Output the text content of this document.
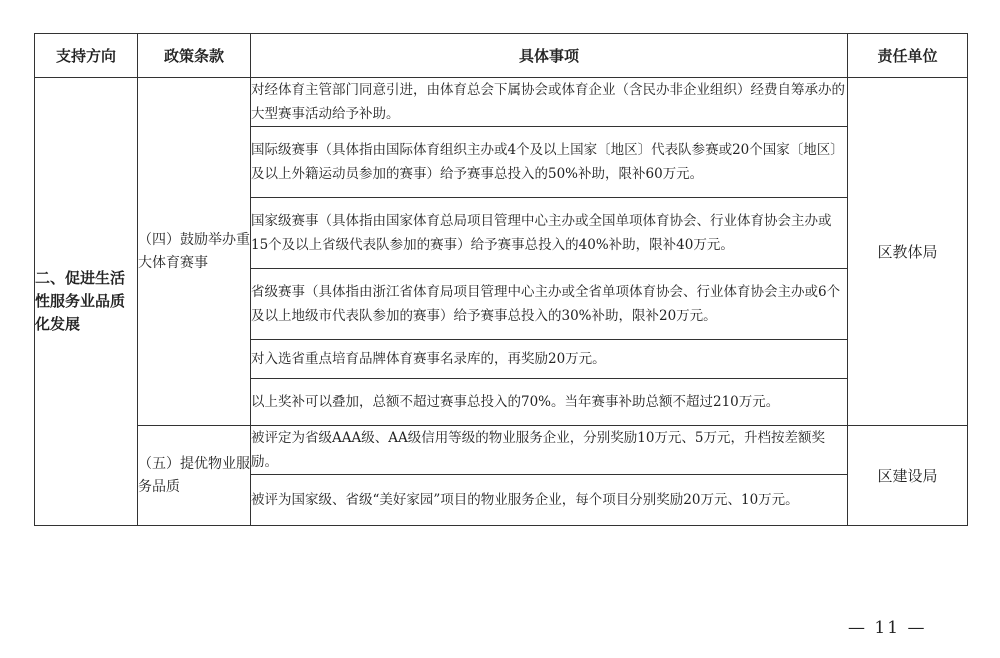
支持方向	政策条款	具体事项	责任单位
二、促进生活性服务业品质化发展	（四）鼓励举办重大体育赛事	对经体育主管部门同意引进，由体育总会下属协会或体育企业（含民办非企业组织）经费自筹承办的大型赛事活动给予补助。	区教体局
		国际级赛事（具体指由国际体育组织主办或4个及以上国家〔地区〕代表队参赛或20个国家〔地区〕及以上外籍运动员参加的赛事）给予赛事总投入的50%补助，限补60万元。	
		国家级赛事（具体指由国家体育总局项目管理中心主办或全国单项体育协会、行业体育协会主办或15个及以上省级代表队参加的赛事）给予赛事总投入的40%补助，限补40万元。	
		省级赛事（具体指由浙江省体育局项目管理中心主办或全省单项体育协会、行业体育协会主办或6个及以上地级市代表队参加的赛事）给予赛事总投入的30%补助，限补20万元。	
		对入选省重点培育品牌体育赛事名录库的，再奖励20万元。	
		以上奖补可以叠加，总额不超过赛事总投入的70%。当年赛事补助总额不超过210万元。	
	（五）提优物业服务品质	被评定为省级AAA级、AA级信用等级的物业服务企业，分别奖励10万元、5万元，升档按差额奖励。	区建设局
		被评为国家级、省级“美好家园”项目的物业服务企业，每个项目分别奖励20万元、10万元。	
— 11 —
